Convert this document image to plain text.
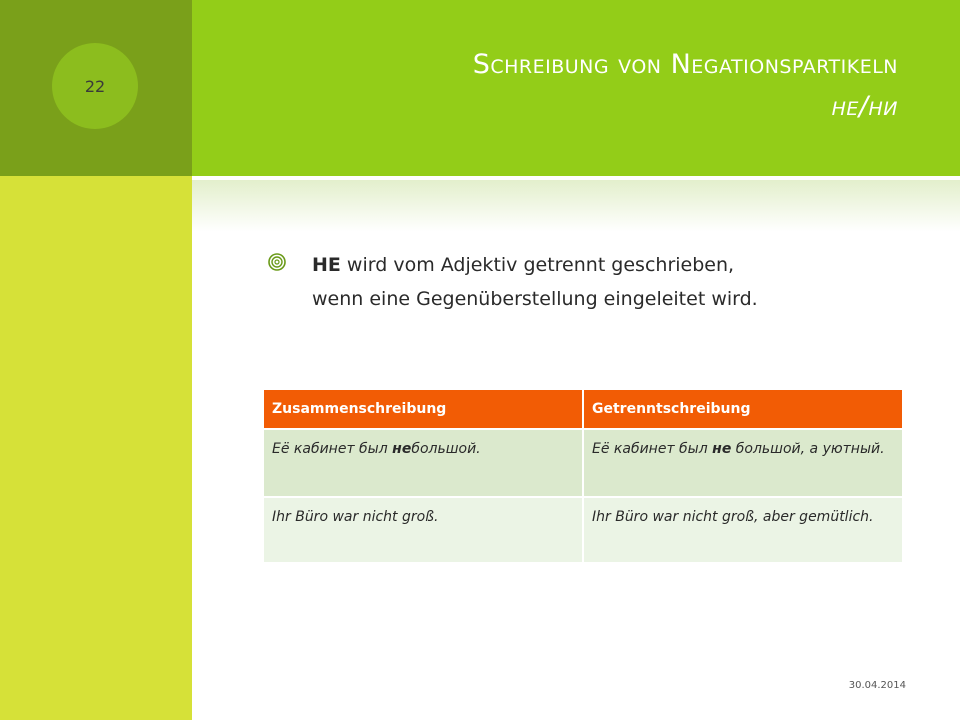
22
Schreibung von Negationspartikeln
не/ни
НЕ wird vom Adjektiv getrennt geschrieben,
wenn eine Gegenüberstellung eingeleitet wird.
Zusammenschreibung	Getrenntschreibung
Её кабинет был небольшой.	Её кабинет был не большой, а уютный.
Ihr Büro war nicht groß.	Ihr Büro war nicht groß, aber gemütlich.
30.04.2014
